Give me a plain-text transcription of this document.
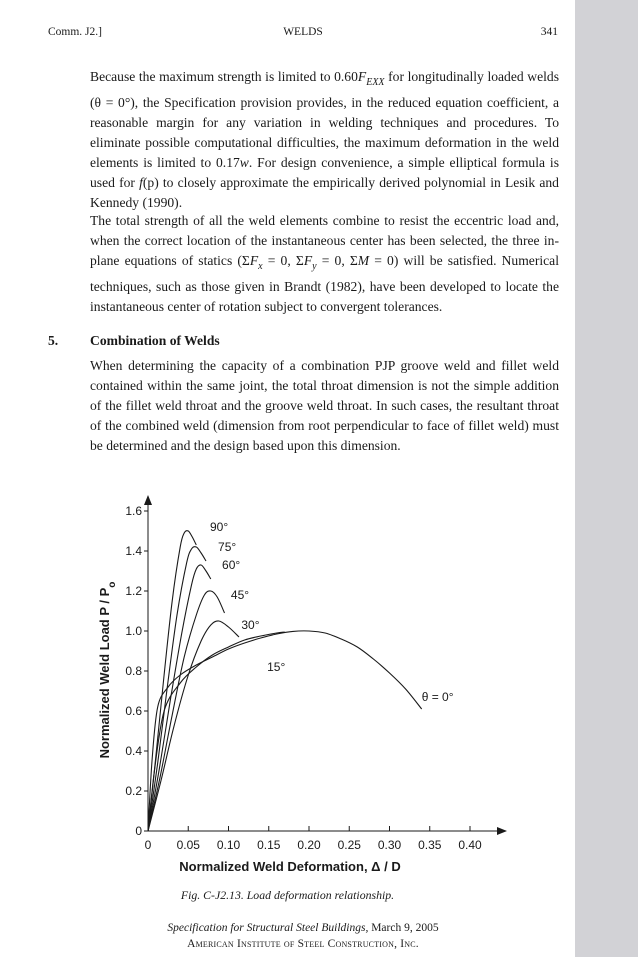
Comm. J2.]	WELDS	341

Because the maximum strength is limited to $0.60F_{EXX}$ for longitudinally loaded welds (θ = 0°), the Specification provision provides, in the reduced equation coefficient, a reasonable margin for any variation in welding techniques and procedures. To eliminate possible computational difficulties, the maximum deformation in the weld elements is limited to 0.17w. For design convenience, a simple elliptical formula is used for f(p) to closely approximate the empirically derived polynomial in Lesik and Kennedy (1990).

The total strength of all the weld elements combine to resist the eccentric load and, when the correct location of the instantaneous center has been selected, the three in-plane equations of statics ($\Sigma F_x = 0$, $\Sigma F_y = 0$, ΣM = 0) will be satisfied. Numerical techniques, such as those given in Brandt (1982), have been developed to locate the instantaneous center of rotation subject to convergent tolerances.

5. Combination of Welds

When determining the capacity of a combination PJP groove weld and fillet weld contained within the same joint, the total throat dimension is not the simple addition of the fillet weld throat and the groove weld throat. In such cases, the resultant throat of the combined weld (dimension from root perpendicular to face of fillet weld) must be determined and the design based upon this dimension.

0 0.05 0.10 0.15 0.20 0.25 0.30 0.35 0.40
0
0.2
0.4
0.6
0.8
1.0
1.2
1.4
1.6
Normalized Weld Deformation, Δ / D
Normalized Weld Load P / $P_o$
90°
75°
60°
45°
30°
15°
θ = 0°
Fig. C-J2.13. Load deformation relationship.
Specification for Structural Steel Buildings, March 9, 2005
American Institute of Steel Construction, Inc.
